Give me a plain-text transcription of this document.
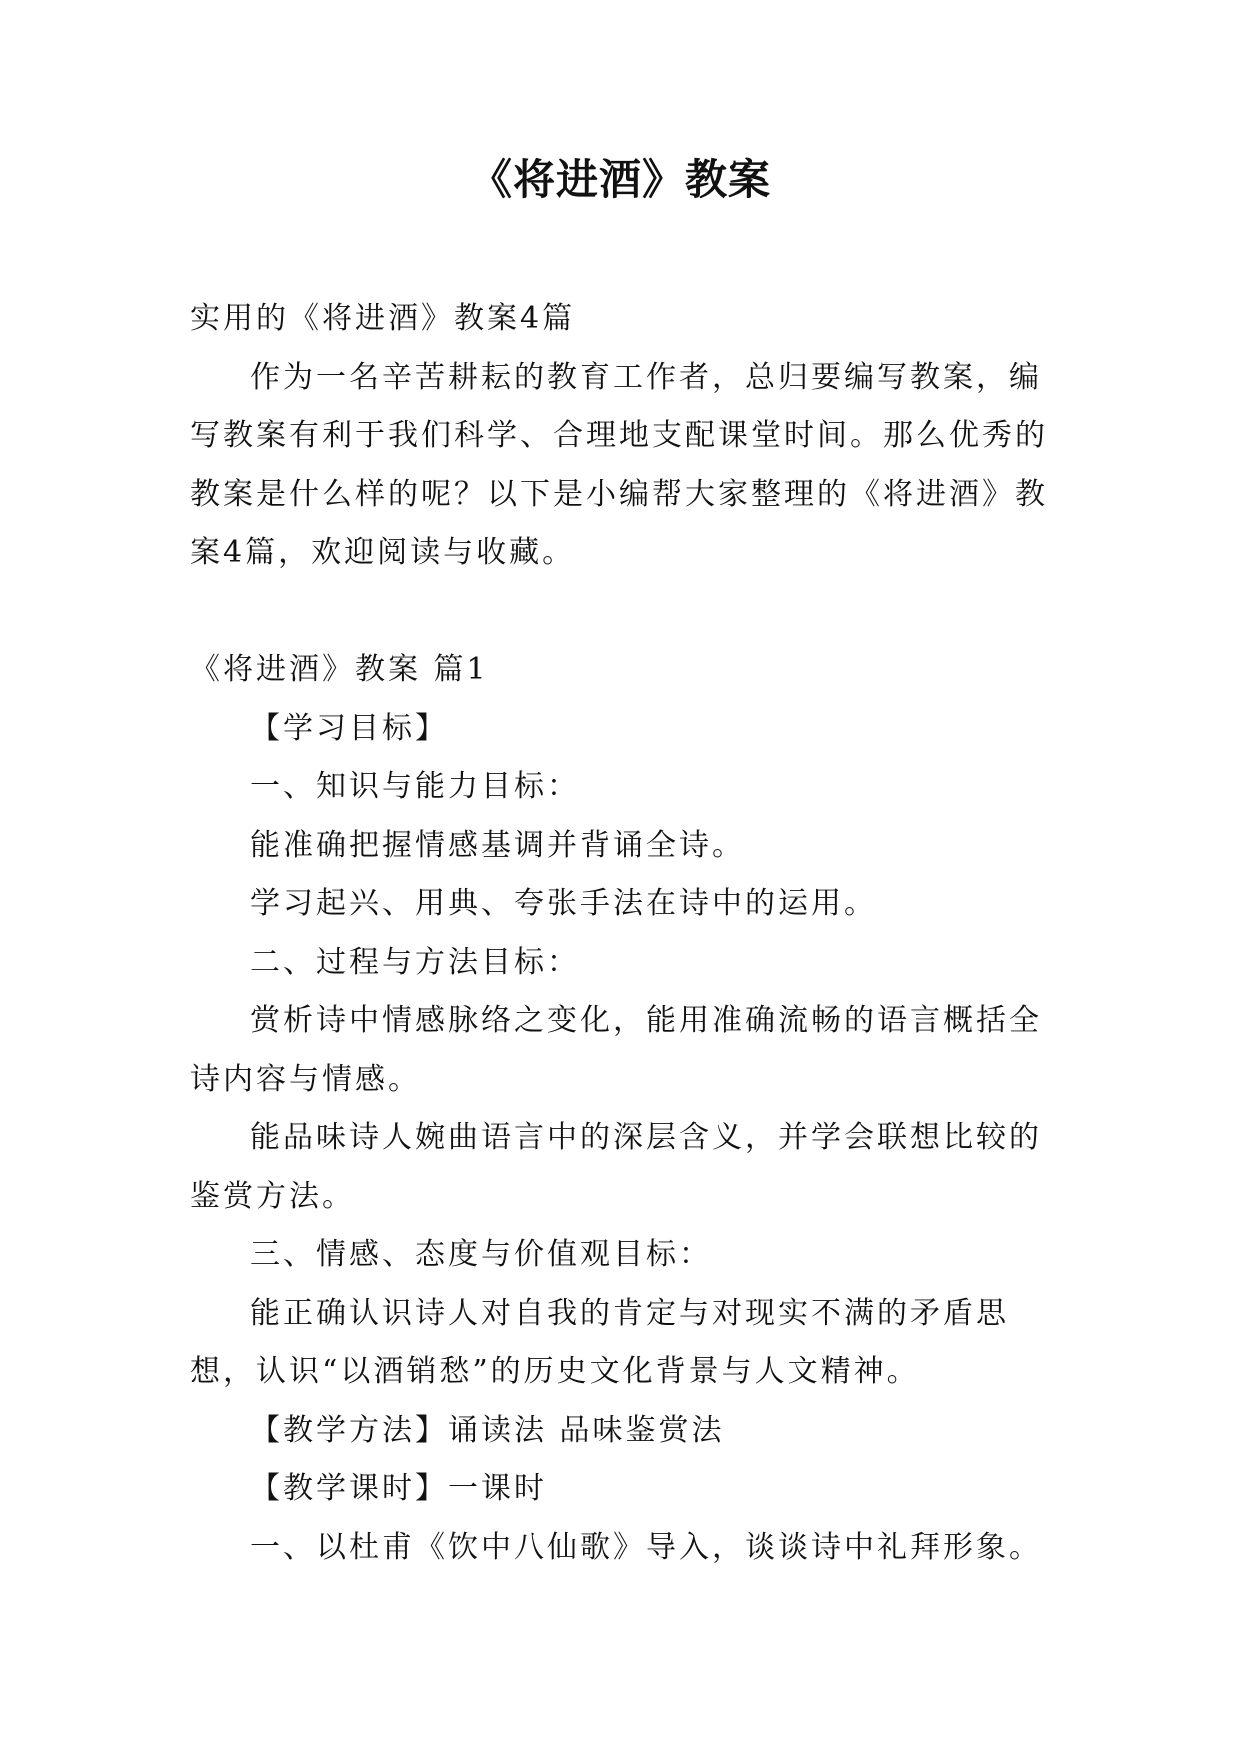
《将进酒》教案

实用的《将进酒》教案4篇

作为一名辛苦耕耘的教育工作者，总归要编写教案，编写教案有利于我们科学、合理地支配课堂时间。那么优秀的教案是什么样的呢？以下是小编帮大家整理的《将进酒》教案4篇，欢迎阅读与收藏。

《将进酒》教案 篇1

【学习目标】

一、知识与能力目标：

能准确把握情感基调并背诵全诗。

学习起兴、用典、夸张手法在诗中的运用。

二、过程与方法目标：

赏析诗中情感脉络之变化，能用准确流畅的语言概括全诗内容与情感。

能品味诗人婉曲语言中的深层含义，并学会联想比较的鉴赏方法。

三、情感、态度与价值观目标：

能正确认识诗人对自我的肯定与对现实不满的矛盾思想，认识“以酒销愁”的历史文化背景与人文精神。

【教学方法】诵读法 品味鉴赏法

【教学课时】一课时

一、以杜甫《饮中八仙歌》导入，谈谈诗中礼拜形象。
